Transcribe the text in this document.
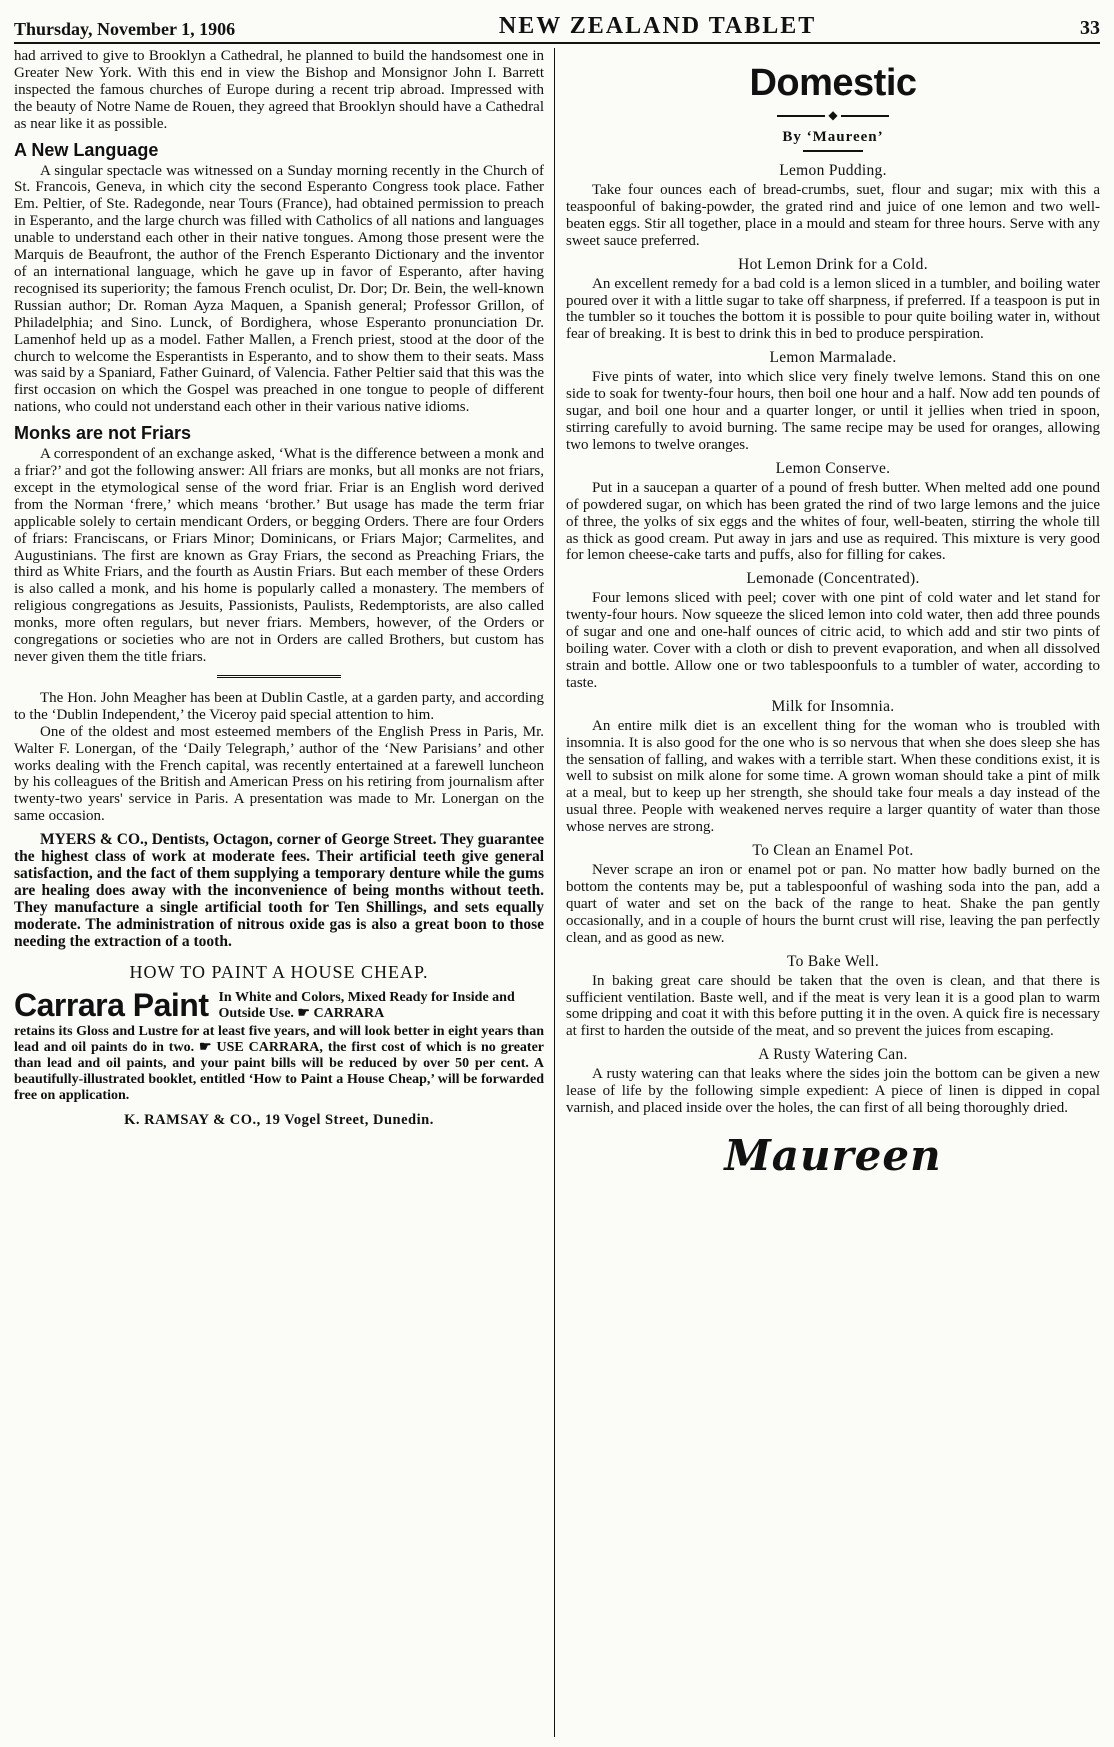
Thursday, November 1, 1906	NEW ZEALAND TABLET	33

had arrived to give to Brooklyn a Cathedral, he planned to build the handsomest one in Greater New York. With this end in view the Bishop and Monsignor John I. Barrett inspected the famous churches of Europe during a recent trip abroad. Impressed with the beauty of Notre Name de Rouen, they agreed that Brooklyn should have a Cathedral as near like it as possible.

A New Language

A singular spectacle was witnessed on a Sunday morning recently in the Church of St. Francois, Geneva, in which city the second Esperanto Congress took place. Father Em. Peltier, of Ste. Radegonde, near Tours (France), had obtained permission to preach in Esperanto, and the large church was filled with Catholics of all nations and languages unable to understand each other in their native tongues. Among those present were the Marquis de Beaufront, the author of the French Esperanto Dictionary and the inventor of an international language, which he gave up in favor of Esperanto, after having recognised its superiority; the famous French oculist, Dr. Dor; Dr. Bein, the well-known Russian author; Dr. Roman Ayza Maquen, a Spanish general; Professor Grillon, of Philadelphia; and Sino. Lunck, of Bordighera, whose Esperanto pronunciation Dr. Lamenhof held up as a model. Father Mallen, a French priest, stood at the door of the church to welcome the Esperantists in Esperanto, and to show them to their seats. Mass was said by a Spaniard, Father Guinard, of Valencia. Father Peltier said that this was the first occasion on which the Gospel was preached in one tongue to people of different nations, who could not understand each other in their various native idioms.

Monks are not Friars

A correspondent of an exchange asked, ‘What is the difference between a monk and a friar?’ and got the following answer: All friars are monks, but all monks are not friars, except in the etymological sense of the word friar. Friar is an English word derived from the Norman ‘frere,’ which means ‘brother.’ But usage has made the term friar applicable solely to certain mendicant Orders, or begging Orders. There are four Orders of friars: Franciscans, or Friars Minor; Dominicans, or Friars Major; Carmelites, and Augustinians. The first are known as Gray Friars, the second as Preaching Friars, the third as White Friars, and the fourth as Austin Friars. But each member of these Orders is also called a monk, and his home is popularly called a monastery. The members of religious congregations as Jesuits, Passionists, Paulists, Redemptorists, are also called monks, more often regulars, but never friars. Members, however, of the Orders or congregations or societies who are not in Orders are called Brothers, but custom has never given them the title friars.

The Hon. John Meagher has been at Dublin Castle, at a garden party, and according to the ‘Dublin Independent,’ the Viceroy paid special attention to him.

One of the oldest and most esteemed members of the English Press in Paris, Mr. Walter F. Lonergan, of the ‘Daily Telegraph,’ author of the ‘New Parisians’ and other works dealing with the French capital, was recently entertained at a farewell luncheon by his colleagues of the British and American Press on his retiring from journalism after twenty-two years' service in Paris. A presentation was made to Mr. Lonergan on the same occasion.

MYERS & CO., Dentists, Octagon, corner of George Street. They guarantee the highest class of work at moderate fees. Their artificial teeth give general satisfaction, and the fact of them supplying a temporary denture while the gums are healing does away with the inconvenience of being months without teeth. They manufacture a single artificial tooth for Ten Shillings, and sets equally moderate. The administration of nitrous oxide gas is also a great boon to those needing the extraction of a tooth.

HOW TO PAINT A HOUSE CHEAP.
Carrara Paint In White and Colors, Mixed Ready for Inside and Outside Use. ☛ CARRARA

retains its Gloss and Lustre for at least five years, and will look better in eight years than lead and oil paints do in two. ☛ USE CARRARA, the first cost of which is no greater than lead and oil paints, and your paint bills will be reduced by over 50 per cent. A beautifully-illustrated booklet, entitled ‘How to Paint a House Cheap,’ will be forwarded free on application.

K. RAMSAY & CO., 19 Vogel Street, Dunedin.
Domestic
◆
By ‘Maureen’
Lemon Pudding.

Take four ounces each of bread-crumbs, suet, flour and sugar; mix with this a teaspoonful of baking-powder, the grated rind and juice of one lemon and two well-beaten eggs. Stir all together, place in a mould and steam for three hours. Serve with any sweet sauce preferred.

Hot Lemon Drink for a Cold.

An excellent remedy for a bad cold is a lemon sliced in a tumbler, and boiling water poured over it with a little sugar to take off sharpness, if preferred. If a teaspoon is put in the tumbler so it touches the bottom it is possible to pour quite boiling water in, without fear of breaking. It is best to drink this in bed to produce perspiration.

Lemon Marmalade.

Five pints of water, into which slice very finely twelve lemons. Stand this on one side to soak for twenty-four hours, then boil one hour and a half. Now add ten pounds of sugar, and boil one hour and a quarter longer, or until it jellies when tried in spoon, stirring carefully to avoid burning. The same recipe may be used for oranges, allowing two lemons to twelve oranges.

Lemon Conserve.

Put in a saucepan a quarter of a pound of fresh butter. When melted add one pound of powdered sugar, on which has been grated the rind of two large lemons and the juice of three, the yolks of six eggs and the whites of four, well-beaten, stirring the whole till as thick as good cream. Put away in jars and use as required. This mixture is very good for lemon cheese-cake tarts and puffs, also for filling for cakes.

Lemonade (Concentrated).

Four lemons sliced with peel; cover with one pint of cold water and let stand for twenty-four hours. Now squeeze the sliced lemon into cold water, then add three pounds of sugar and one and one-half ounces of citric acid, to which add and stir two pints of boiling water. Cover with a cloth or dish to prevent evaporation, and when all dissolved strain and bottle. Allow one or two tablespoonfuls to a tumbler of water, according to taste.

Milk for Insomnia.

An entire milk diet is an excellent thing for the woman who is troubled with insomnia. It is also good for the one who is so nervous that when she does sleep she has the sensation of falling, and wakes with a terrible start. When these conditions exist, it is well to subsist on milk alone for some time. A grown woman should take a pint of milk at a meal, but to keep up her strength, she should take four meals a day instead of the usual three. People with weakened nerves require a larger quantity of water than those whose nerves are strong.

To Clean an Enamel Pot.

Never scrape an iron or enamel pot or pan. No matter how badly burned on the bottom the contents may be, put a tablespoonful of washing soda into the pan, add a quart of water and set on the back of the range to heat. Shake the pan gently occasionally, and in a couple of hours the burnt crust will rise, leaving the pan perfectly clean, and as good as new.

To Bake Well.

In baking great care should be taken that the oven is clean, and that there is sufficient ventilation. Baste well, and if the meat is very lean it is a good plan to warm some dripping and coat it with this before putting it in the oven. A quick fire is necessary at first to harden the outside of the meat, and so prevent the juices from escaping.

A Rusty Watering Can.

A rusty watering can that leaks where the sides join the bottom can be given a new lease of life by the following simple expedient: A piece of linen is dipped in copal varnish, and placed inside over the holes, the can first of all being thoroughly dried.

Maureen
